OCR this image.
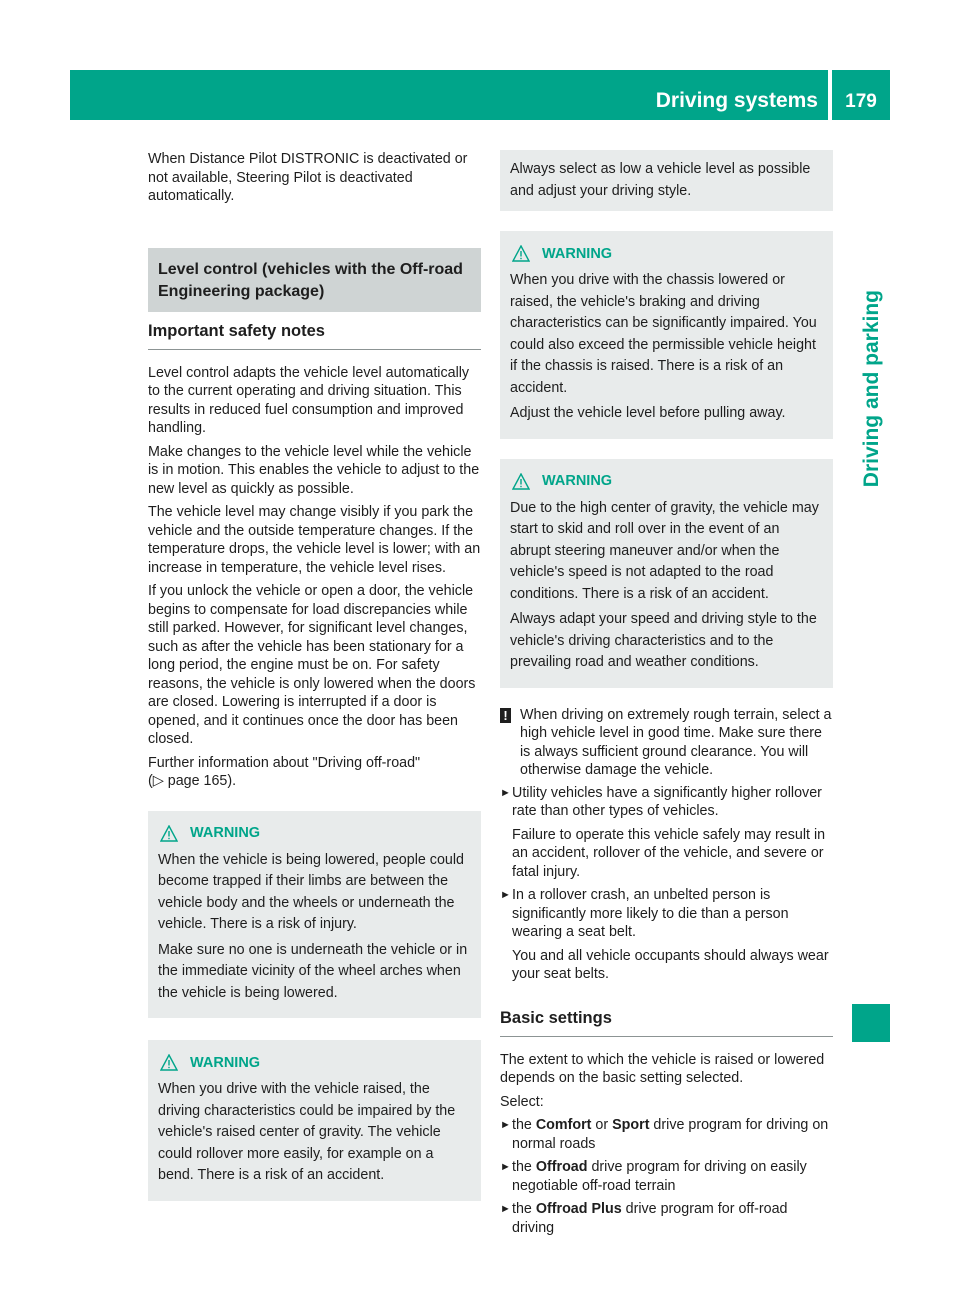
Driving systems	179
Driving and parking

When Distance Pilot DISTRONIC is deactivated or not available, Steering Pilot is deactivated automatically.

Level control (vehicles with the Off-road Engineering package)
Important safety notes

Level control adapts the vehicle level automatically to the current operating and driving situation. This results in reduced fuel consumption and improved handling.

Make changes to the vehicle level while the vehicle is in motion. This enables the vehicle to adjust to the new level as quickly as possible.

The vehicle level may change visibly if you park the vehicle and the outside temperature changes. If the temperature drops, the vehicle level is lower; with an increase in temperature, the vehicle level rises.

If you unlock the vehicle or open a door, the vehicle begins to compensate for load discrepancies while still parked. However, for significant level changes, such as after the vehicle has been stationary for a long period, the engine must be on. For safety reasons, the vehicle is only lowered when the doors are closed. Lowering is interrupted if a door is opened, and it continues once the door has been closed.

Further information about "Driving off-road"
(▷ page 165).

WARNING

When the vehicle is being lowered, people could become trapped if their limbs are between the vehicle body and the wheels or underneath the vehicle. There is a risk of injury.

Make sure no one is underneath the vehicle or in the immediate vicinity of the wheel arches when the vehicle is being lowered.

WARNING

When you drive with the vehicle raised, the driving characteristics could be impaired by the vehicle's raised center of gravity. The vehicle could rollover more easily, for example on a bend. There is a risk of an accident.

Always select as low a vehicle level as possible and adjust your driving style.

WARNING

When you drive with the chassis lowered or raised, the vehicle's braking and driving characteristics can be significantly impaired. You could also exceed the permissible vehicle height if the chassis is raised. There is a risk of an accident.

Adjust the vehicle level before pulling away.

WARNING

Due to the high center of gravity, the vehicle may start to skid and roll over in the event of an abrupt steering maneuver and/or when the vehicle's speed is not adapted to the road conditions. There is a risk of an accident.

Always adapt your speed and driving style to the vehicle's driving characteristics and to the prevailing road and weather conditions.

! When driving on extremely rough terrain, select a high vehicle level in good time. Make sure there is always sufficient ground clearance. You will otherwise damage the vehicle.

► Utility vehicles have a significantly higher rollover rate than other types of vehicles.

Failure to operate this vehicle safely may result in an accident, rollover of the vehicle, and severe or fatal injury.

► In a rollover crash, an unbelted person is significantly more likely to die than a person wearing a seat belt.

You and all vehicle occupants should always wear your seat belts.

Basic settings

The extent to which the vehicle is raised or lowered depends on the basic setting selected.

Select:

► the Comfort or Sport drive program for driving on normal roads

► the Offroad drive program for driving on easily negotiable off-road terrain

► the Offroad Plus drive program for off-road driving
